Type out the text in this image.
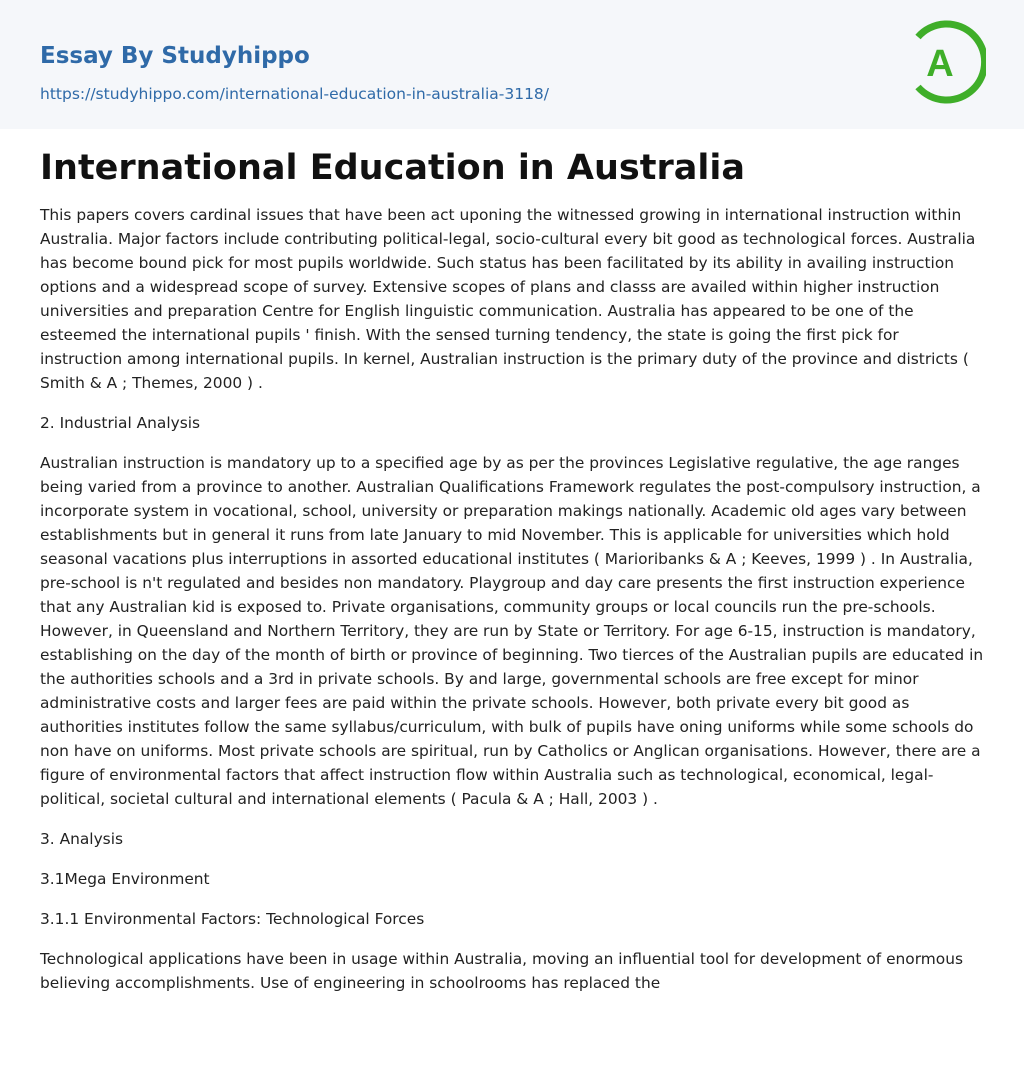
Essay By Studyhippo
https://studyhippo.com/international-education-in-australia-3118/
A
International Education in Australia

This papers covers cardinal issues that have been act uponing the witnessed growing in international instruction within Australia. Major factors include contributing political-legal, socio-cultural every bit good as technological forces. Australia has become bound pick for most pupils worldwide. Such status has been facilitated by its ability in availing instruction options and a widespread scope of survey. Extensive scopes of plans and classs are availed within higher instruction universities and preparation Centre for English linguistic communication. Australia has appeared to be one of the esteemed the international pupils ' finish. With the sensed turning tendency, the state is going the first pick for instruction among international pupils. In kernel, Australian instruction is the primary duty of the province and districts ( Smith & A ; Themes, 2000 ) .

2. Industrial Analysis

Australian instruction is mandatory up to a specified age by as per the provinces Legislative regulative, the age ranges being varied from a province to another. Australian Qualifications Framework regulates the post-compulsory instruction, a incorporate system in vocational, school, university or preparation makings nationally. Academic old ages vary between establishments but in general it runs from late January to mid November. This is applicable for universities which hold seasonal vacations plus interruptions in assorted educational institutes ( Marioribanks & A ; Keeves, 1999 ) . In Australia, pre-school is n't regulated and besides non mandatory. Playgroup and day care presents the first instruction experience that any Australian kid is exposed to. Private organisations, community groups or local councils run the pre-schools. However, in Queensland and Northern Territory, they are run by State or Territory. For age 6-15, instruction is mandatory, establishing on the day of the month of birth or province of beginning. Two tierces of the Australian pupils are educated in the authorities schools and a 3rd in private schools. By and large, governmental schools are free except for minor administrative costs and larger fees are paid within the private schools. However, both private every bit good as authorities institutes follow the same syllabus/curriculum, with bulk of pupils have oning uniforms while some schools do non have on uniforms. Most private schools are spiritual, run by Catholics or Anglican organisations. However, there are a figure of environmental factors that affect instruction flow within Australia such as technological, economical, legal-political, societal cultural and international elements ( Pacula & A ; Hall, 2003 ) .

3. Analysis

3.1Mega Environment

3.1.1 Environmental Factors: Technological Forces

Technological applications have been in usage within Australia, moving an influential tool for development of enormous believing accomplishments. Use of engineering in schoolrooms has replaced the
